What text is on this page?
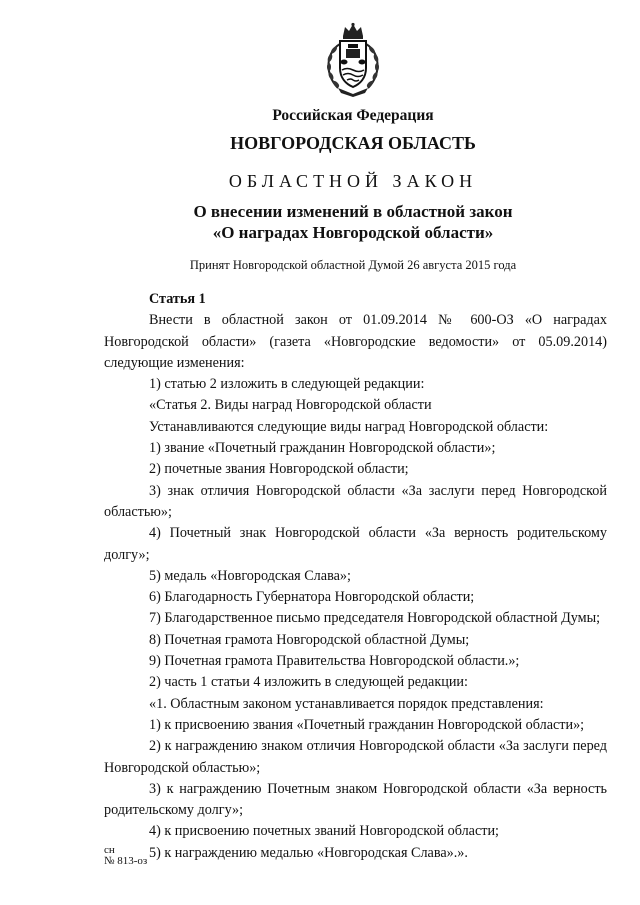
Российская Федерация
НОВГОРОДСКАЯ ОБЛАСТЬ
ОБЛАСТНОЙ ЗАКОН
О внесении изменений в областной закон
«О наградах Новгородской области»
Принят Новгородской областной Думой 26 августа 2015 года

Статья 1

Внести в областной закон от 01.09.2014 № 600-ОЗ «О наградах Новгородской области» (газета «Новгородские ведомости» от 05.09.2014) следующие изменения:

1) статью 2 изложить в следующей редакции:

«Статья 2. Виды наград Новгородской области

Устанавливаются следующие виды наград Новгородской области:

1) звание «Почетный гражданин Новгородской области»;

2) почетные звания Новгородской области;

3) знак отличия Новгородской области «За заслуги перед Новгородской областью»;

4) Почетный знак Новгородской области «За верность родительскому долгу»;

5) медаль «Новгородская Слава»;

6) Благодарность Губернатора Новгородской области;

7) Благодарственное письмо председателя Новгородской областной Думы;

8) Почетная грамота Новгородской областной Думы;

9) Почетная грамота Правительства Новгородской области.»;

2) часть 1 статьи 4 изложить в следующей редакции:

«1. Областным законом устанавливается порядок представления:

1) к присвоению звания «Почетный гражданин Новгородской области»;

2) к награждению знаком отличия Новгородской области «За заслуги перед Новгородской областью»;

3) к награждению Почетным знаком Новгородской области «За верность родительскому долгу»;

4) к присвоению почетных званий Новгородской области;

5) к награждению медалью «Новгородская Слава».».

сн
№ 813-оз
